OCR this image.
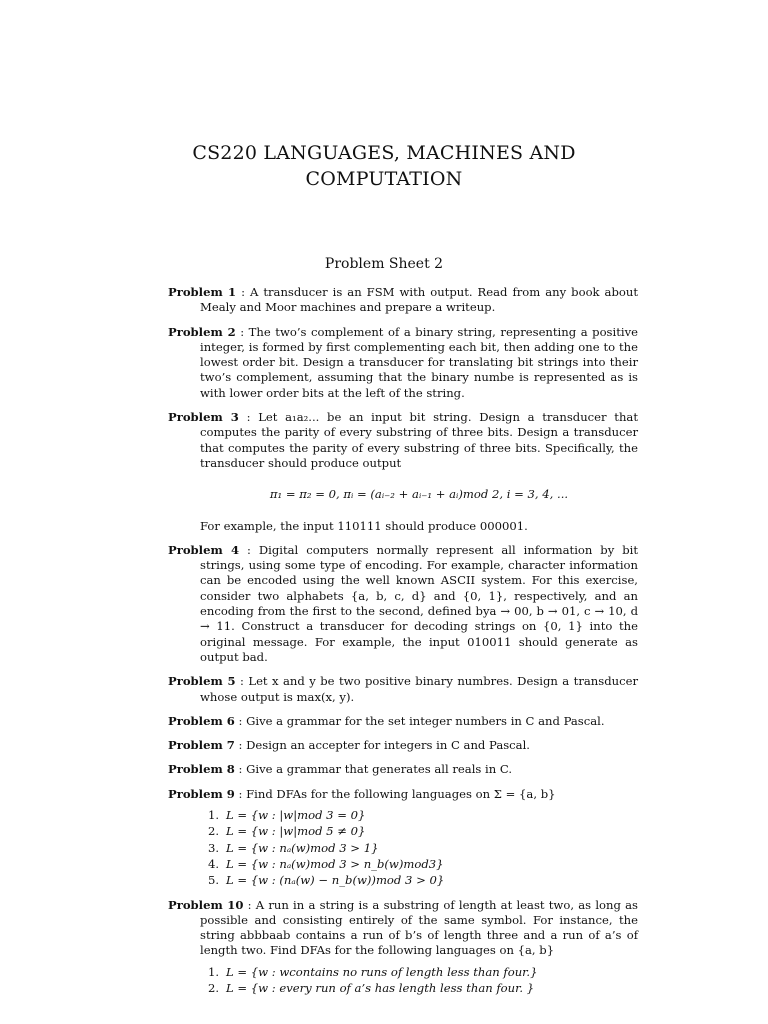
CS220 LANGUAGES, MACHINES AND
COMPUTATION
Problem Sheet 2
Problem 1 : A transducer is an FSM with output. Read from any book about Mealy and Moor machines and prepare a writeup.
Problem 2 : The two’s complement of a binary string, representing a positive integer, is formed by first complementing each bit, then adding one to the lowest order bit. Design a transducer for translating bit strings into their two’s complement, assuming that the binary numbe is represented as is with lower order bits at the left of the string.
Problem 3 : Let a₁a₂... be an input bit string. Design a transducer that computes the parity of every substring of three bits. Design a transducer that computes the parity of every substring of three bits. Specifically, the transducer should produce output
π₁ = π₂ = 0, πᵢ = (aᵢ₋₂ + aᵢ₋₁ + aᵢ)mod 2, i = 3, 4, ...
For example, the input 110111 should produce 000001.
Problem 4 : Digital computers normally represent all information by bit strings, using some type of encoding. For example, character information can be encoded using the well known ASCII system. For this exercise, consider two alphabets {a, b, c, d} and {0, 1}, respectively, and an encoding from the first to the second, defined bya → 00, b → 01, c → 10, d → 11. Construct a transducer for decoding strings on {0, 1} into the original message. For example, the input 010011 should generate as output bad.
Problem 5 : Let x and y be two positive binary numbres. Design a transducer whose output is max(x, y).
Problem 6 : Give a grammar for the set integer numbers in C and Pascal.
Problem 7 : Design an accepter for integers in C and Pascal.
Problem 8 : Give a grammar that generates all reals in C.
Problem 9 : Find DFAs for the following languages on Σ = {a, b}
1. L = {w : |w|mod 3 = 0}
2. L = {w : |w|mod 5 ≠ 0}
3. L = {w : nₐ(w)mod 3 > 1}
4. L = {w : nₐ(w)mod 3 > n_b(w)mod3}
5. L = {w : (nₐ(w) − n_b(w))mod 3 > 0}
Problem 10 : A run in a string is a substring of length at least two, as long as possible and consisting entirely of the same symbol. For instance, the string abbbaab contains a run of b’s of length three and a run of a’s of length two. Find DFAs for the following languages on {a, b}
1. L = {w : wcontains no runs of length less than four.}
2. L = {w : every run of a’s has length less than four. }
